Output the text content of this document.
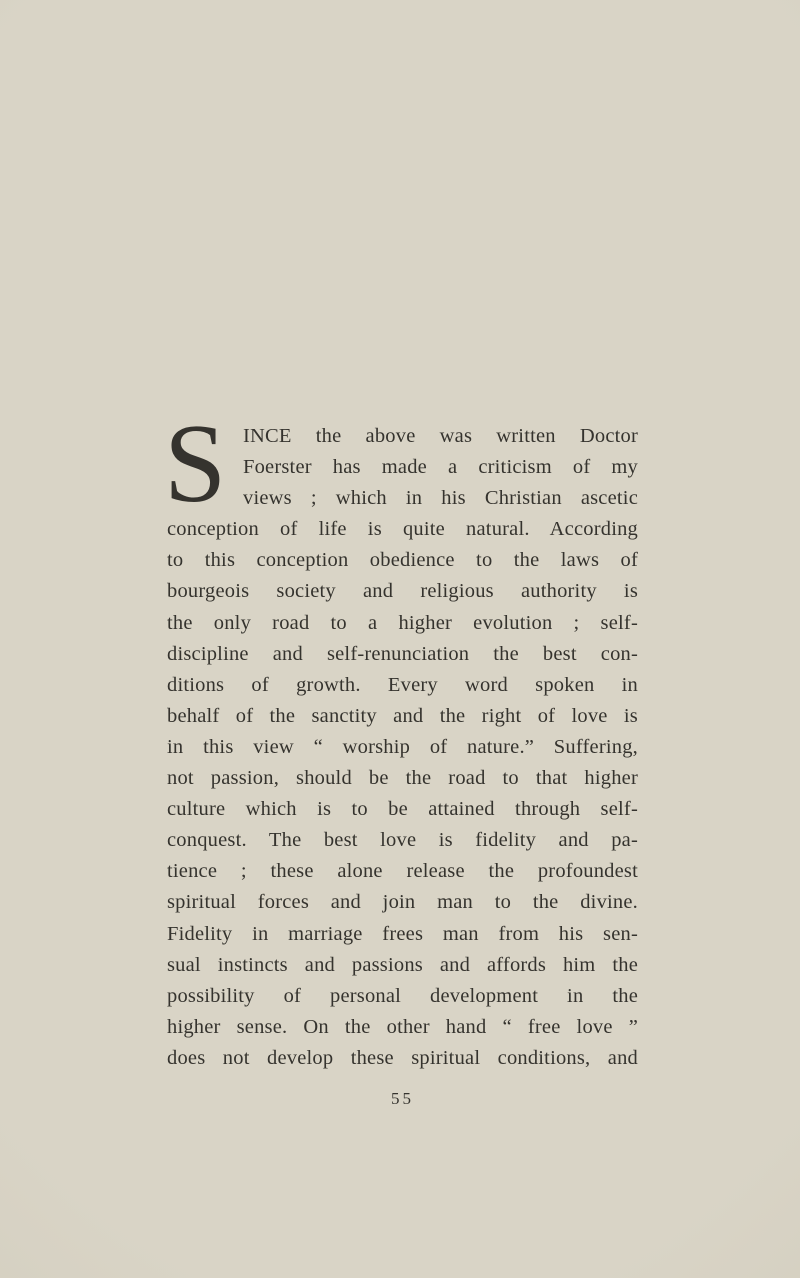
S INCE the above was written Doctor
Foerster has made a criticism of my
views ; which in his Christian ascetic
conception of life is quite natural. According
to this conception obedience to the laws of
bourgeois society and religious authority is
the only road to a higher evolution ; self-
discipline and self-renunciation the best con-
ditions of growth. Every word spoken in
behalf of the sanctity and the right of love is
in this view “ worship of nature.” Suffering,
not passion, should be the road to that higher
culture which is to be attained through self-
conquest. The best love is fidelity and pa-
tience ; these alone release the profoundest
spiritual forces and join man to the divine.
Fidelity in marriage frees man from his sen-
sual instincts and passions and affords him the
possibility of personal development in the
higher sense. On the other hand “ free love ”
does not develop these spiritual conditions, and
55
